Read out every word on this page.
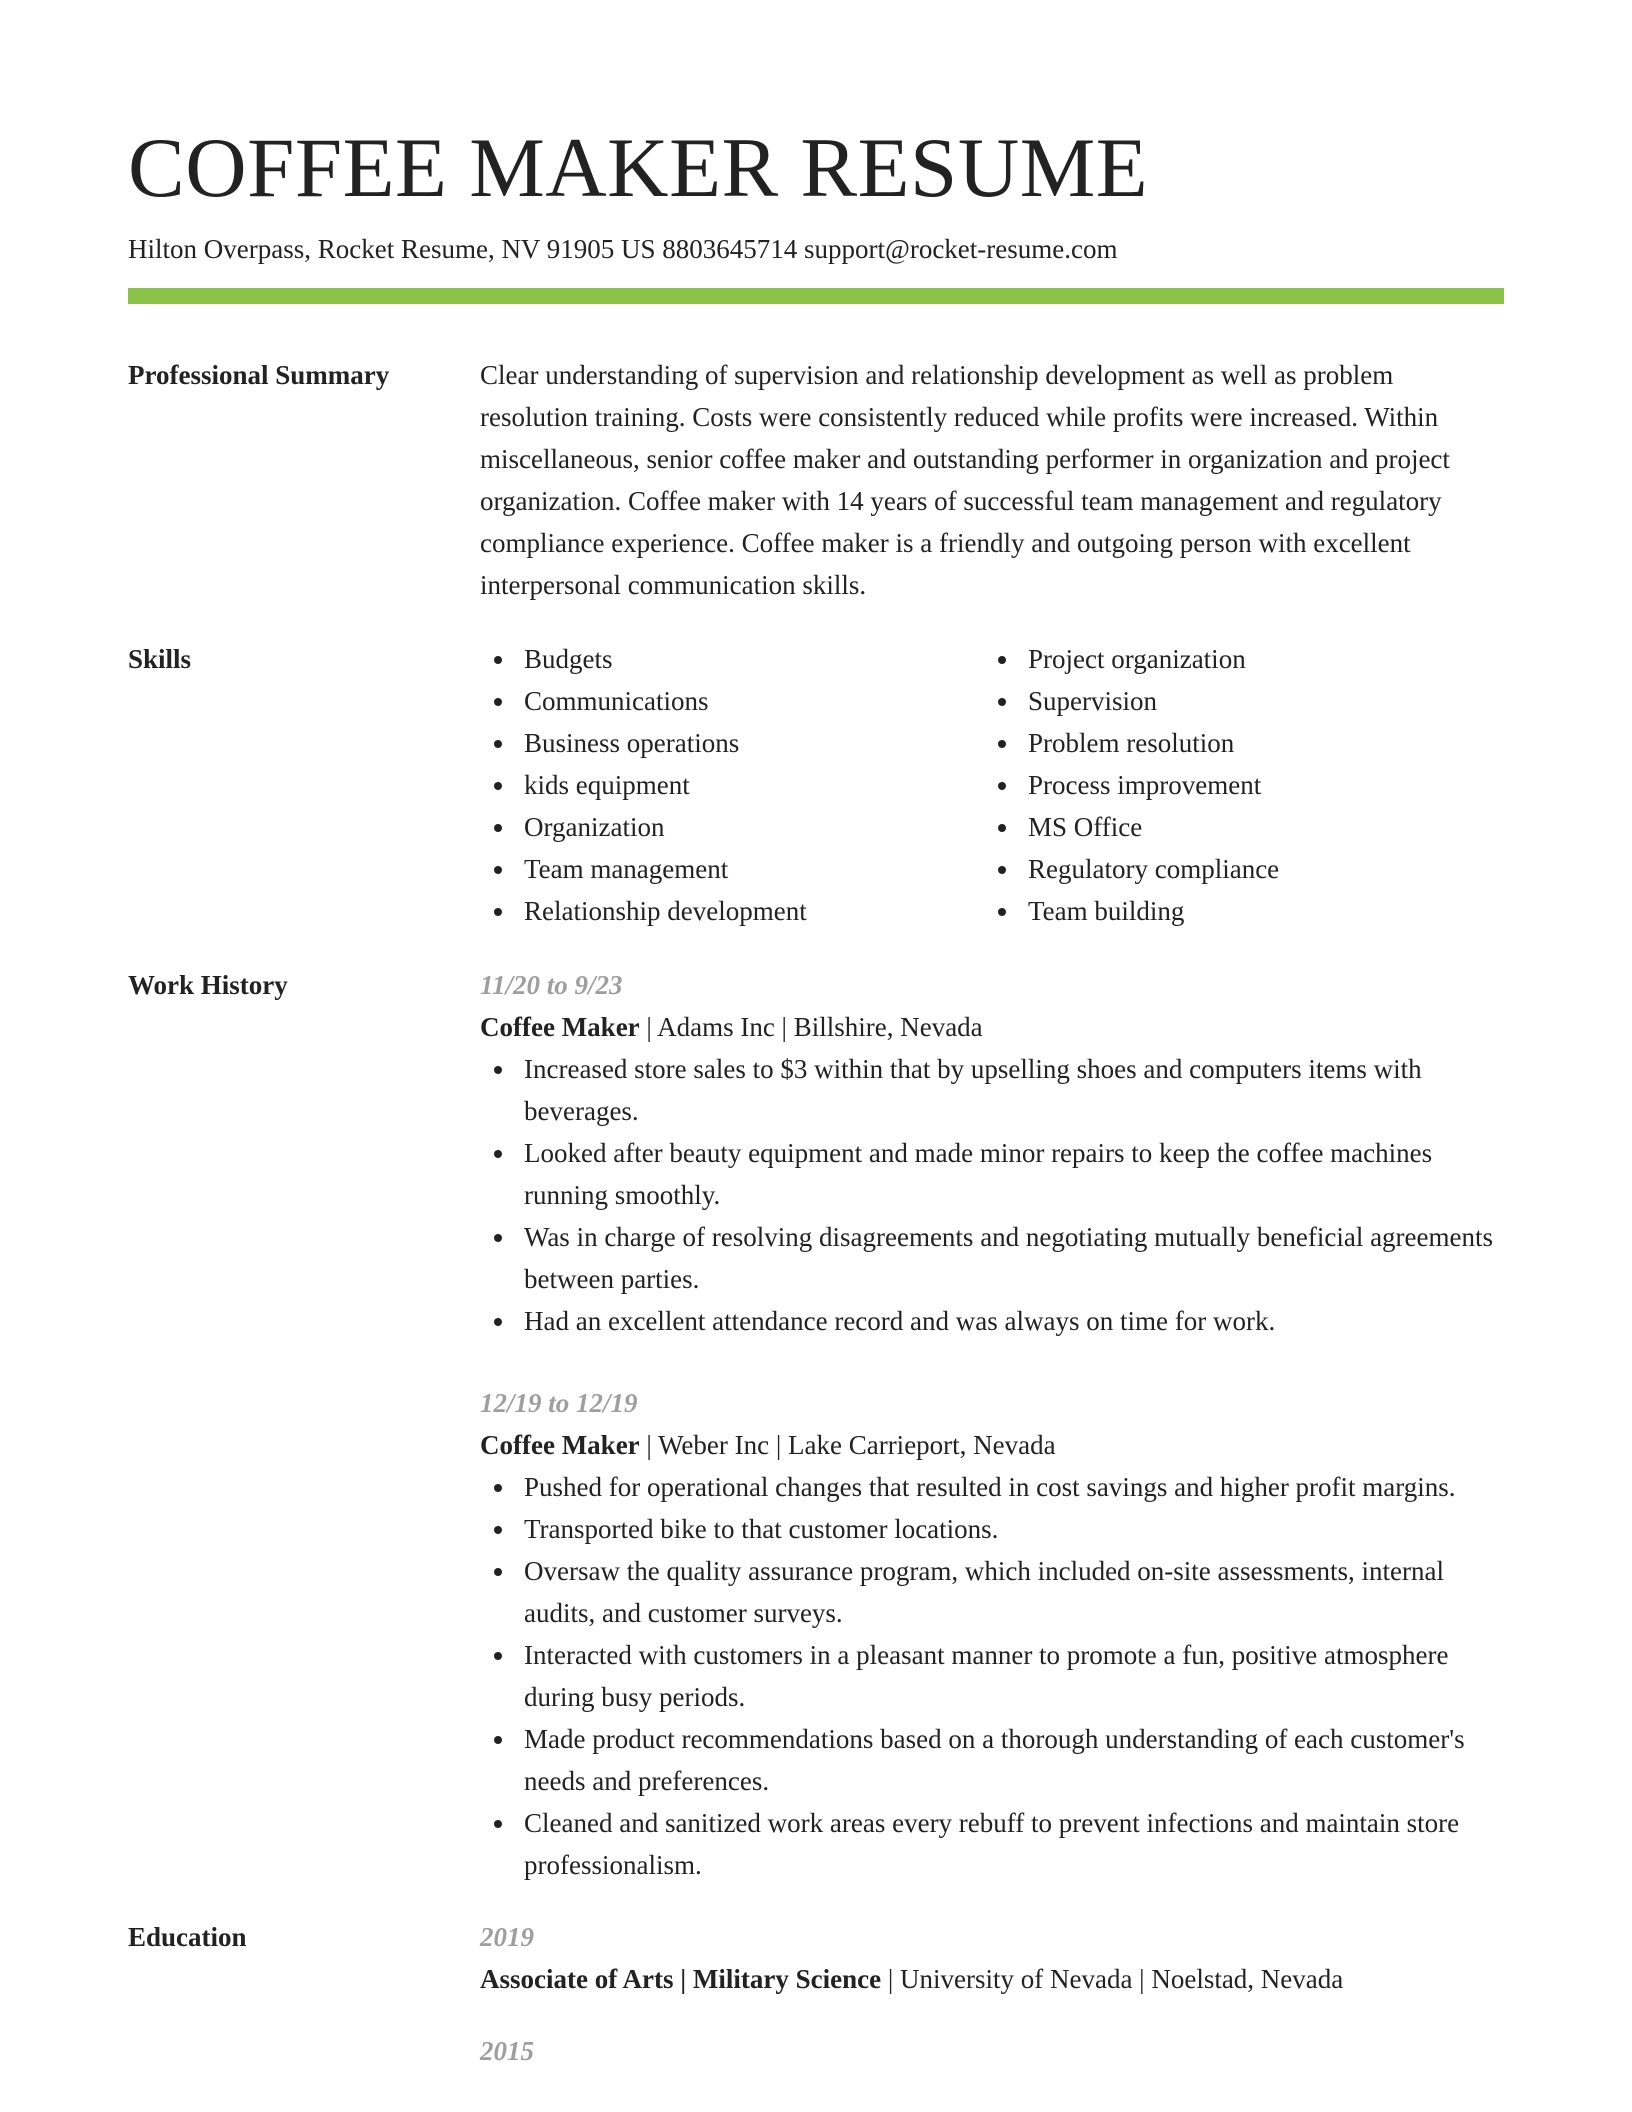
COFFEE MAKER RESUME
Hilton Overpass, Rocket Resume, NV 91905 US 8803645714 support@rocket-resume.com
Professional Summary	Clear understanding of supervision and relationship development as well as problem resolution training. Costs were consistently reduced while profits were increased. Within miscellaneous, senior coffee maker and outstanding performer in organization and project organization. Coffee maker with 14 years of successful team management and regulatory compliance experience. Coffee maker is a friendly and outgoing person with excellent interpersonal communication skills.
Skills	Budgets
Communications
Business operations
kids equipment
Organization
Team management
Relationship development
Project organization
Supervision
Problem resolution
Process improvement
MS Office
Regulatory compliance
Team building
Work History	11/20 to 9/23
Coffee Maker | Adams Inc | Billshire, Nevada
Increased store sales to $3 within that by upselling shoes and computers items with beverages.
Looked after beauty equipment and made minor repairs to keep the coffee machines running smoothly.
Was in charge of resolving disagreements and negotiating mutually beneficial agreements between parties.
Had an excellent attendance record and was always on time for work.
12/19 to 12/19
Coffee Maker | Weber Inc | Lake Carrieport, Nevada
Pushed for operational changes that resulted in cost savings and higher profit margins.
Transported bike to that customer locations.
Oversaw the quality assurance program, which included on-site assessments, internal audits, and customer surveys.
Interacted with customers in a pleasant manner to promote a fun, positive atmosphere during busy periods.
Made product recommendations based on a thorough understanding of each customer's needs and preferences.
Cleaned and sanitized work areas every rebuff to prevent infections and maintain store professionalism.
Education	2019
Associate of Arts | Military Science | University of Nevada | Noelstad, Nevada
2015
